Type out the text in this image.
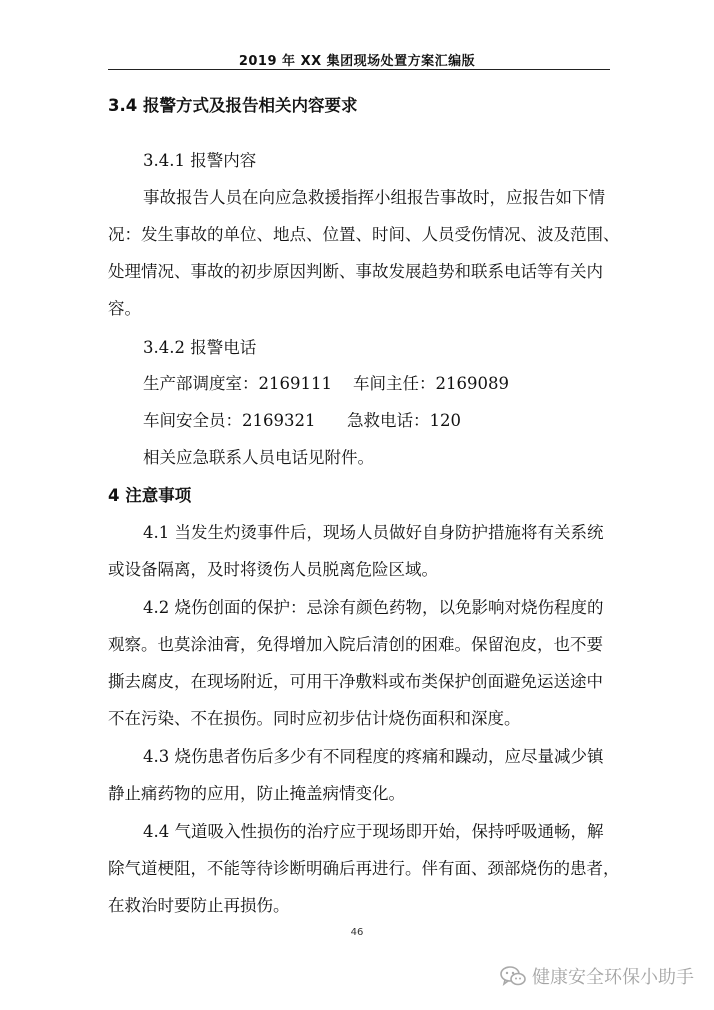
2019 年 XX 集团现场处置方案汇编版
3.4 报警方式及报告相关内容要求
3.4.1 报警内容
事故报告人员在向应急救援指挥小组报告事故时，应报告如下情
况：发生事故的单位、地点、位置、时间、人员受伤情况、波及范围、
处理情况、事故的初步原因判断、事故发展趋势和联系电话等有关内
容。
3.4.2 报警电话
生产部调度室：2169111    车间主任：2169089
车间安全员：2169321      急救电话：120
相关应急联系人员电话见附件。
4 注意事项
4.1 当发生灼烫事件后，现场人员做好自身防护措施将有关系统
或设备隔离，及时将烫伤人员脱离危险区域。
4.2 烧伤创面的保护：忌涂有颜色药物，以免影响对烧伤程度的
观察。也莫涂油膏，免得增加入院后清创的困难。保留泡皮，也不要
撕去腐皮，在现场附近，可用干净敷料或布类保护创面避免运送途中
不在污染、不在损伤。同时应初步估计烧伤面积和深度。
4.3 烧伤患者伤后多少有不同程度的疼痛和躁动，应尽量减少镇
静止痛药物的应用，防止掩盖病情变化。
4.4 气道吸入性损伤的治疗应于现场即开始，保持呼吸通畅，解
除气道梗阻，不能等待诊断明确后再进行。伴有面、颈部烧伤的患者，
在救治时要防止再损伤。
46
健康安全环保小助手
